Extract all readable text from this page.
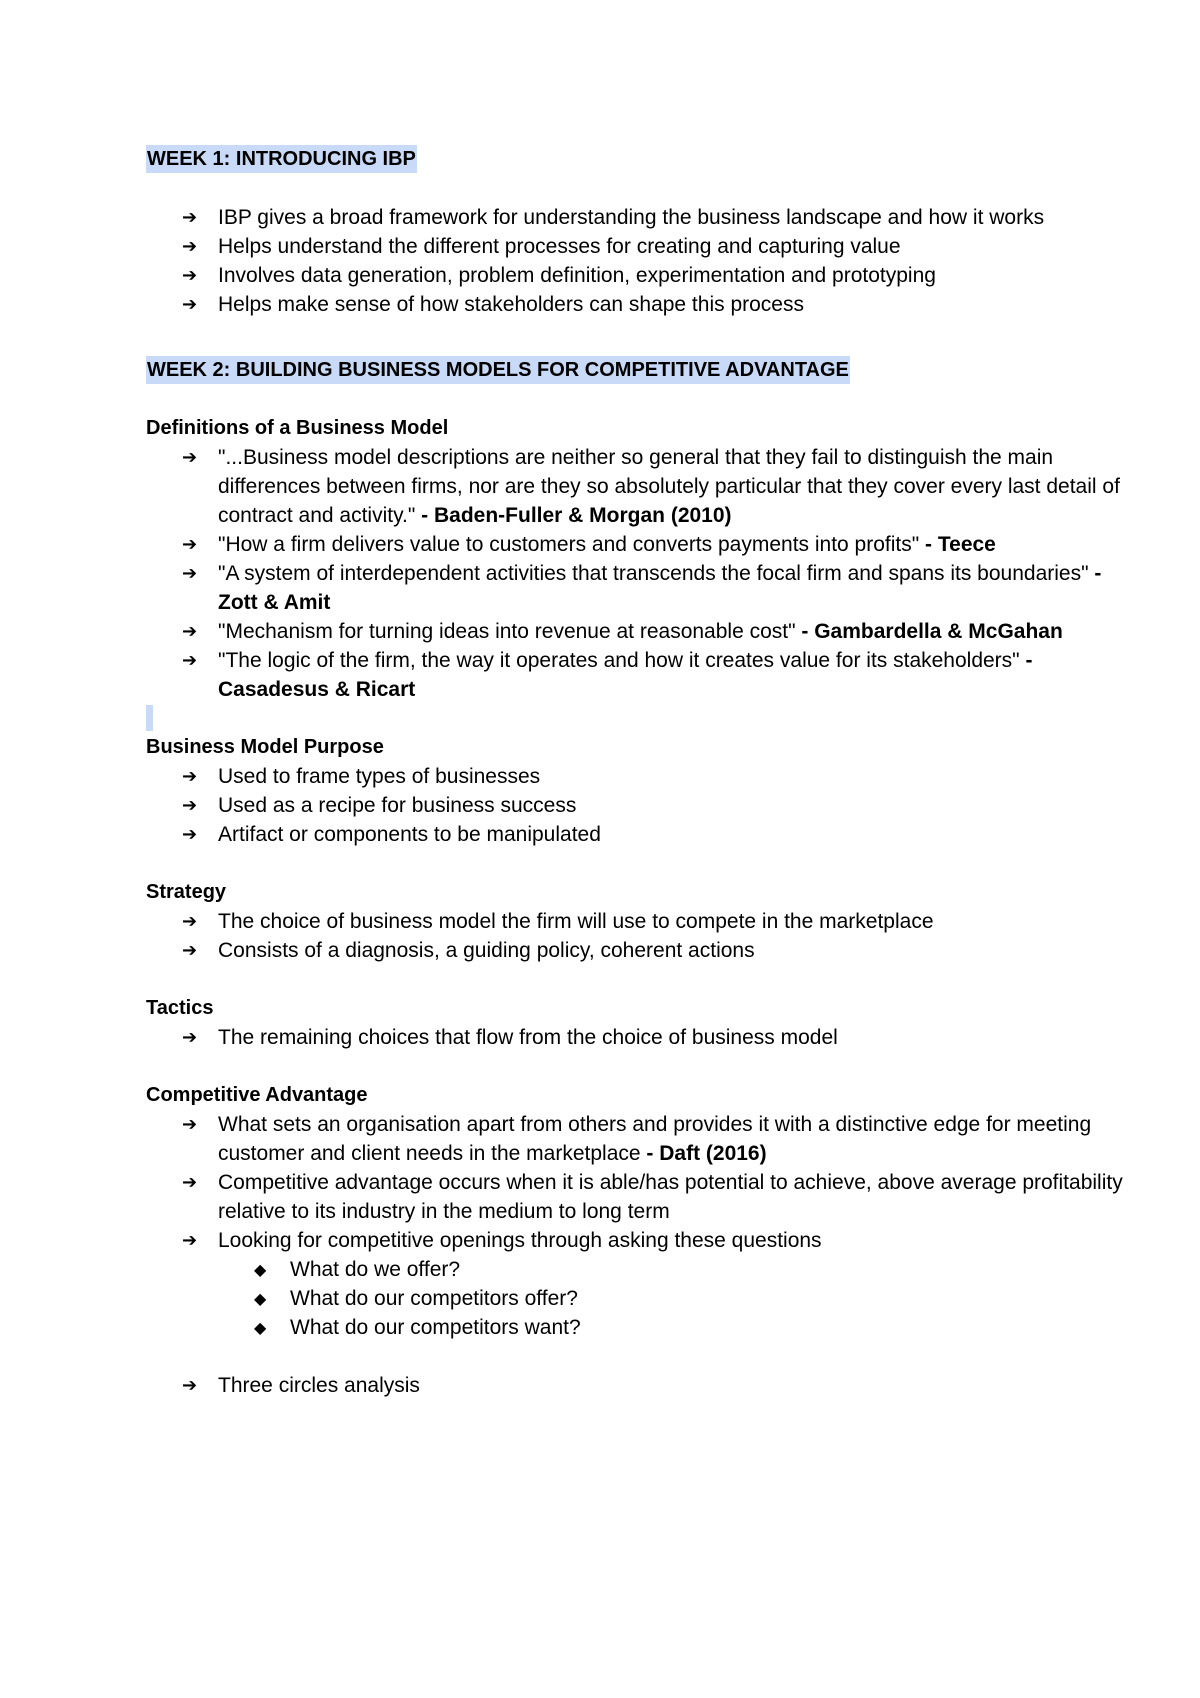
WEEK 1: INTRODUCING IBP
➔ IBP gives a broad framework for understanding the business landscape and how it works
➔ Helps understand the different processes for creating and capturing value
➔ Involves data generation, problem definition, experimentation and prototyping
➔ Helps make sense of how stakeholders can shape this process
WEEK 2: BUILDING BUSINESS MODELS FOR COMPETITIVE ADVANTAGE
Definitions of a Business Model
➔ "...Business model descriptions are neither so general that they fail to distinguish the main differences between firms, nor are they so absolutely particular that they cover every last detail of contract and activity." - Baden-Fuller & Morgan (2010)
➔ "How a firm delivers value to customers and converts payments into profits" - Teece
➔ "A system of interdependent activities that transcends the focal firm and spans its boundaries" - Zott & Amit
➔ "Mechanism for turning ideas into revenue at reasonable cost" - Gambardella & McGahan
➔ "The logic of the firm, the way it operates and how it creates value for its stakeholders" - Casadesus & Ricart
Business Model Purpose
➔ Used to frame types of businesses
➔ Used as a recipe for business success
➔ Artifact or components to be manipulated
Strategy
➔ The choice of business model the firm will use to compete in the marketplace
➔ Consists of a diagnosis, a guiding policy, coherent actions
Tactics
➔ The remaining choices that flow from the choice of business model
Competitive Advantage
➔ What sets an organisation apart from others and provides it with a distinctive edge for meeting customer and client needs in the marketplace - Daft (2016)
➔ Competitive advantage occurs when it is able/has potential to achieve, above average profitability relative to its industry in the medium to long term
➔ Looking for competitive openings through asking these questions
◆	What do we offer?
◆	What do our competitors offer?
◆	What do our competitors want?
➔ Three circles analysis
